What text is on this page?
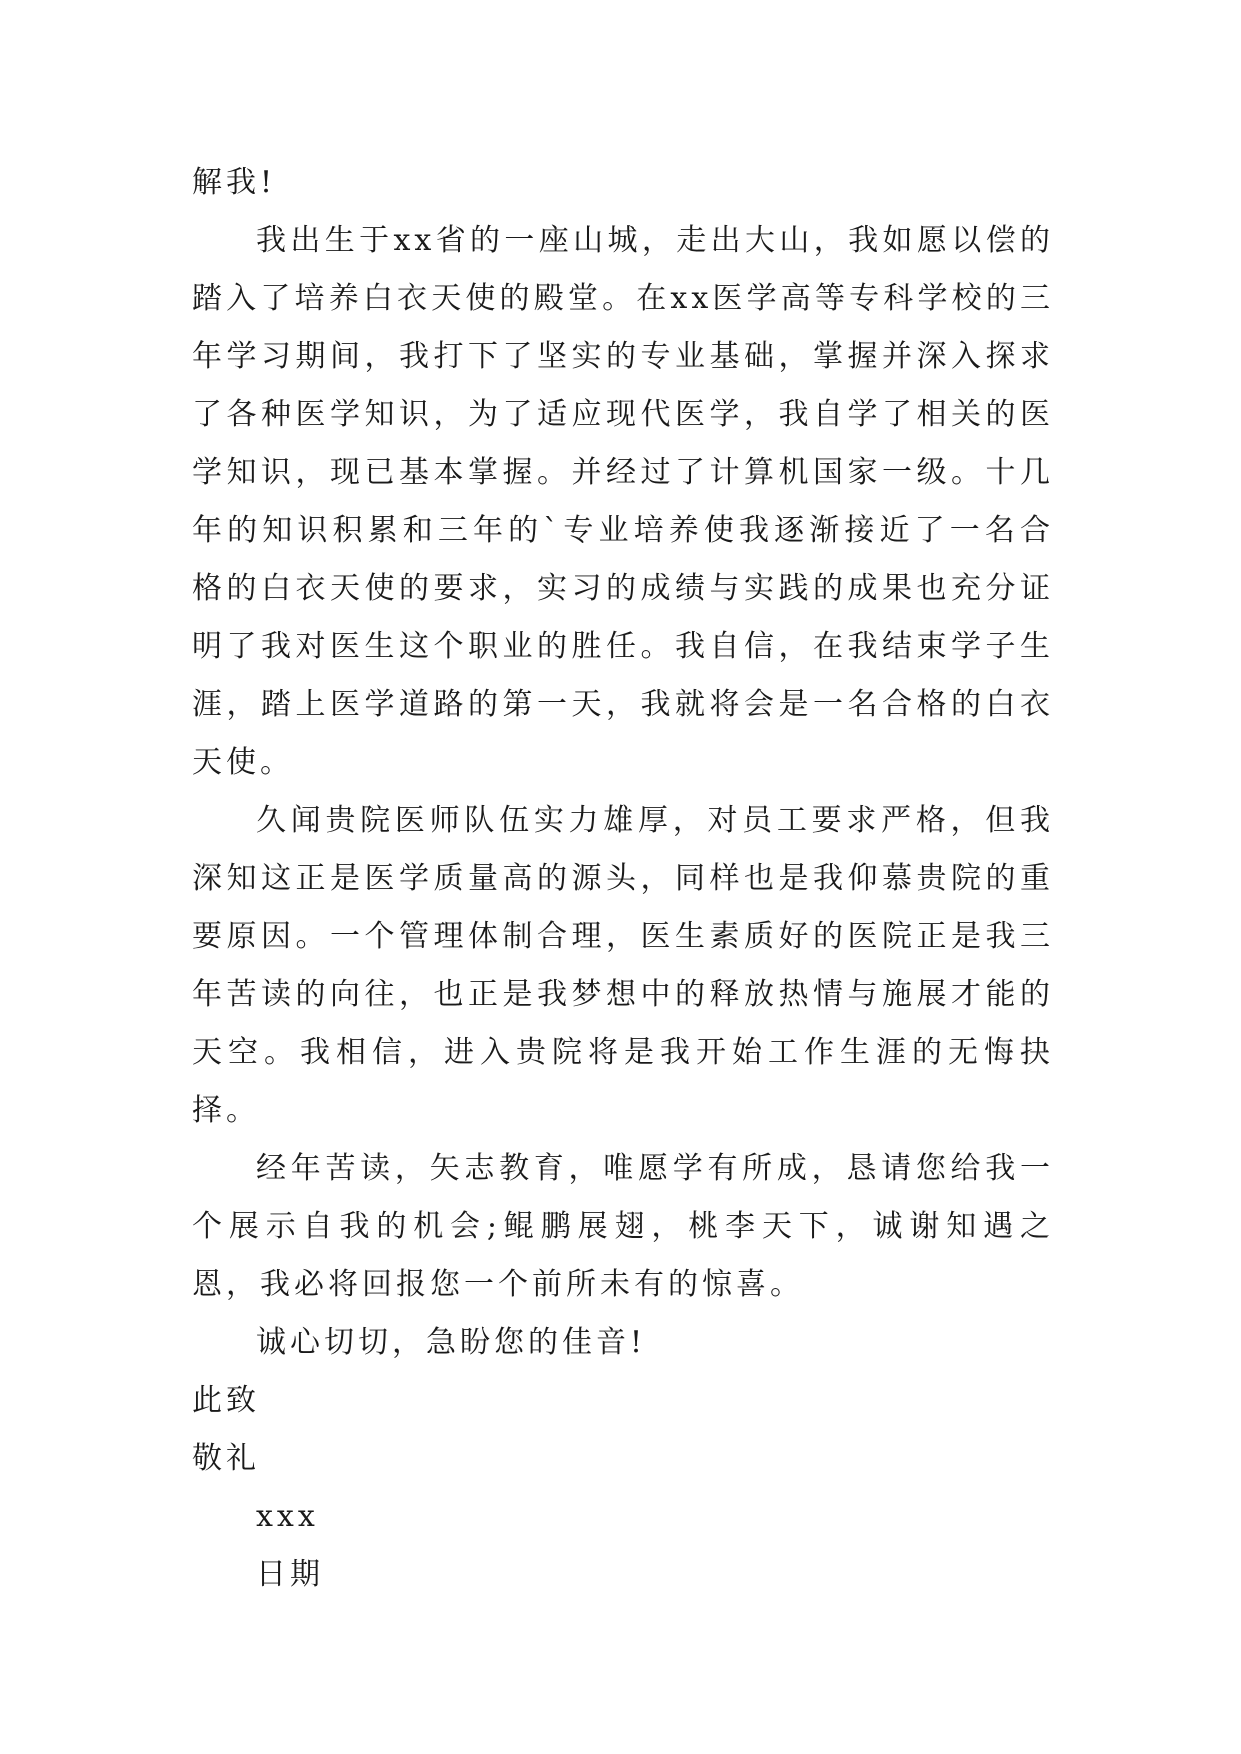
解我!

我出生于xx省的一座山城，走出大山，我如愿以偿的踏入了培养白衣天使的殿堂。在xx医学高等专科学校的三年学习期间，我打下了坚实的专业基础，掌握并深入探求了各种医学知识，为了适应现代医学，我自学了相关的医学知识，现已基本掌握。并经过了计算机国家一级。十几年的知识积累和三年的`专业培养使我逐渐接近了一名合格的白衣天使的要求，实习的成绩与实践的成果也充分证明了我对医生这个职业的胜任。我自信，在我结束学子生涯，踏上医学道路的第一天，我就将会是一名合格的白衣天使。

久闻贵院医师队伍实力雄厚，对员工要求严格，但我深知这正是医学质量高的源头，同样也是我仰慕贵院的重要原因。一个管理体制合理，医生素质好的医院正是我三年苦读的向往，也正是我梦想中的释放热情与施展才能的天空。我相信，进入贵院将是我开始工作生涯的无悔抉择。

经年苦读，矢志教育，唯愿学有所成，恳请您给我一个展示自我的机会;鲲鹏展翅，桃李天下，诚谢知遇之恩，我必将回报您一个前所未有的惊喜。

诚心切切，急盼您的佳音!

此致

敬礼

xxx

日期
